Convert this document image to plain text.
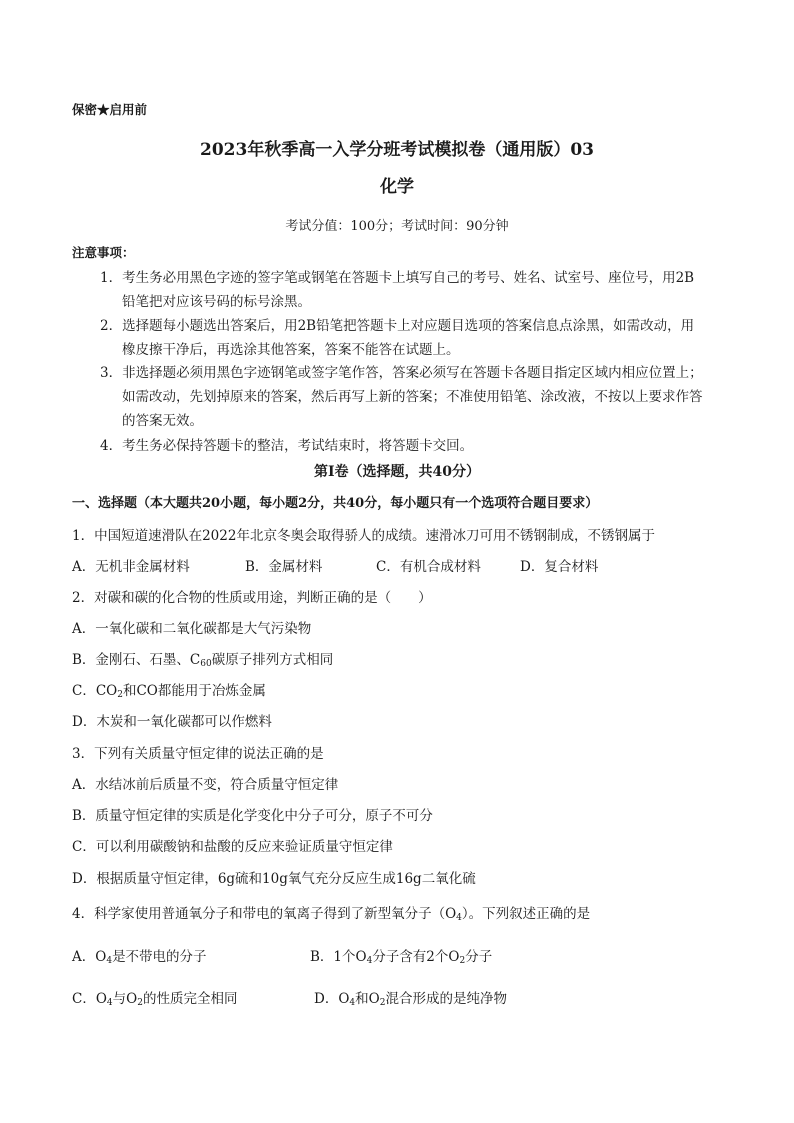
保密★启用前
2023年秋季高一入学分班考试模拟卷（通用版）03
化学
考试分值：100分；考试时间：90分钟
注意事项：
1．考生务必用黑色字迹的签字笔或钢笔在答题卡上填写自己的考号、姓名、试室号、座位号，用2B
铅笔把对应该号码的标号涂黑。
2．选择题每小题选出答案后，用2B铅笔把答题卡上对应题目选项的答案信息点涂黑，如需改动，用
橡皮擦干净后，再选涂其他答案，答案不能答在试题上。
3．非选择题必须用黑色字迹钢笔或签字笔作答，答案必须写在答题卡各题目指定区域内相应位置上；
如需改动，先划掉原来的答案，然后再写上新的答案；不准使用铅笔、涂改液，不按以上要求作答
的答案无效。
4．考生务必保持答题卡的整洁，考试结束时，将答题卡交回。
第Ⅰ卷（选择题，共40分）
一、选择题（本大题共20小题，每小题2分，共40分，每小题只有一个选项符合题目要求）
1．中国短道速滑队在2022年北京冬奥会取得骄人的成绩。速滑冰刀可用不锈钢制成，不锈钢属于
A．无机非金属材料	B．金属材料	C．有机合成材料	D．复合材料
2．对碳和碳的化合物的性质或用途，判断正确的是（　　）
A．一氧化碳和二氧化碳都是大气污染物
B．金刚石、石墨、$C_{60}$碳原子排列方式相同
C．$CO_2$和CO都能用于冶炼金属
D．木炭和一氧化碳都可以作燃料
3．下列有关质量守恒定律的说法正确的是
A．水结冰前后质量不变，符合质量守恒定律
B．质量守恒定律的实质是化学变化中分子可分，原子不可分
C．可以利用碳酸钠和盐酸的反应来验证质量守恒定律
D．根据质量守恒定律，6g硫和10g氧气充分反应生成16g二氧化硫
4．科学家使用普通氧分子和带电的氧离子得到了新型氧分子$(O_4)$。下列叙述正确的是
A．$O_4$是不带电的分子	B．1个$O_4$分子含有2个$O_2$分子
C．$O_4$与$O_2$的性质完全相同	D．$O_4$和$O_2$混合形成的是纯净物
